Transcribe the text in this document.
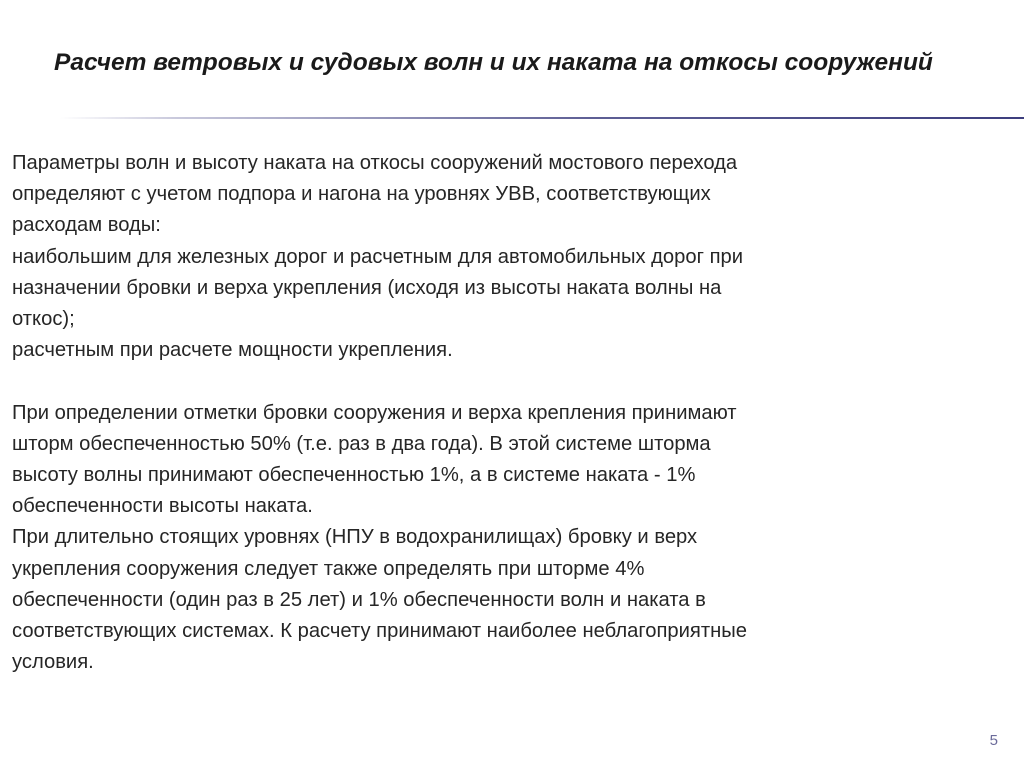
Расчет ветровых и судовых волн и их наката на откосы сооружений

Параметры волн и высоту наката на откосы сооружений мостового перехода
определяют с учетом подпора и нагона на уровнях УВВ, соответствующих
расходам воды:
наибольшим для железных дорог и расчетным для автомобильных дорог при
назначении бровки и верха укрепления (исходя из высоты наката волны на
откос);
расчетным при расчете мощности укрепления.

При определении отметки бровки сооружения и верха крепления принимают
шторм обеспеченностью 50% (т.е. раз в два года). В этой системе шторма
высоту волны принимают обеспеченностью 1%, а в системе наката - 1%
обеспеченности высоты наката.
При длительно стоящих уровнях (НПУ в водохранилищах) бровку и верх
укрепления сооружения следует также определять при шторме 4%
обеспеченности (один раз в 25 лет) и 1% обеспеченности волн и наката в
соответствующих системах. К расчету принимают наиболее неблагоприятные
условия.

5
